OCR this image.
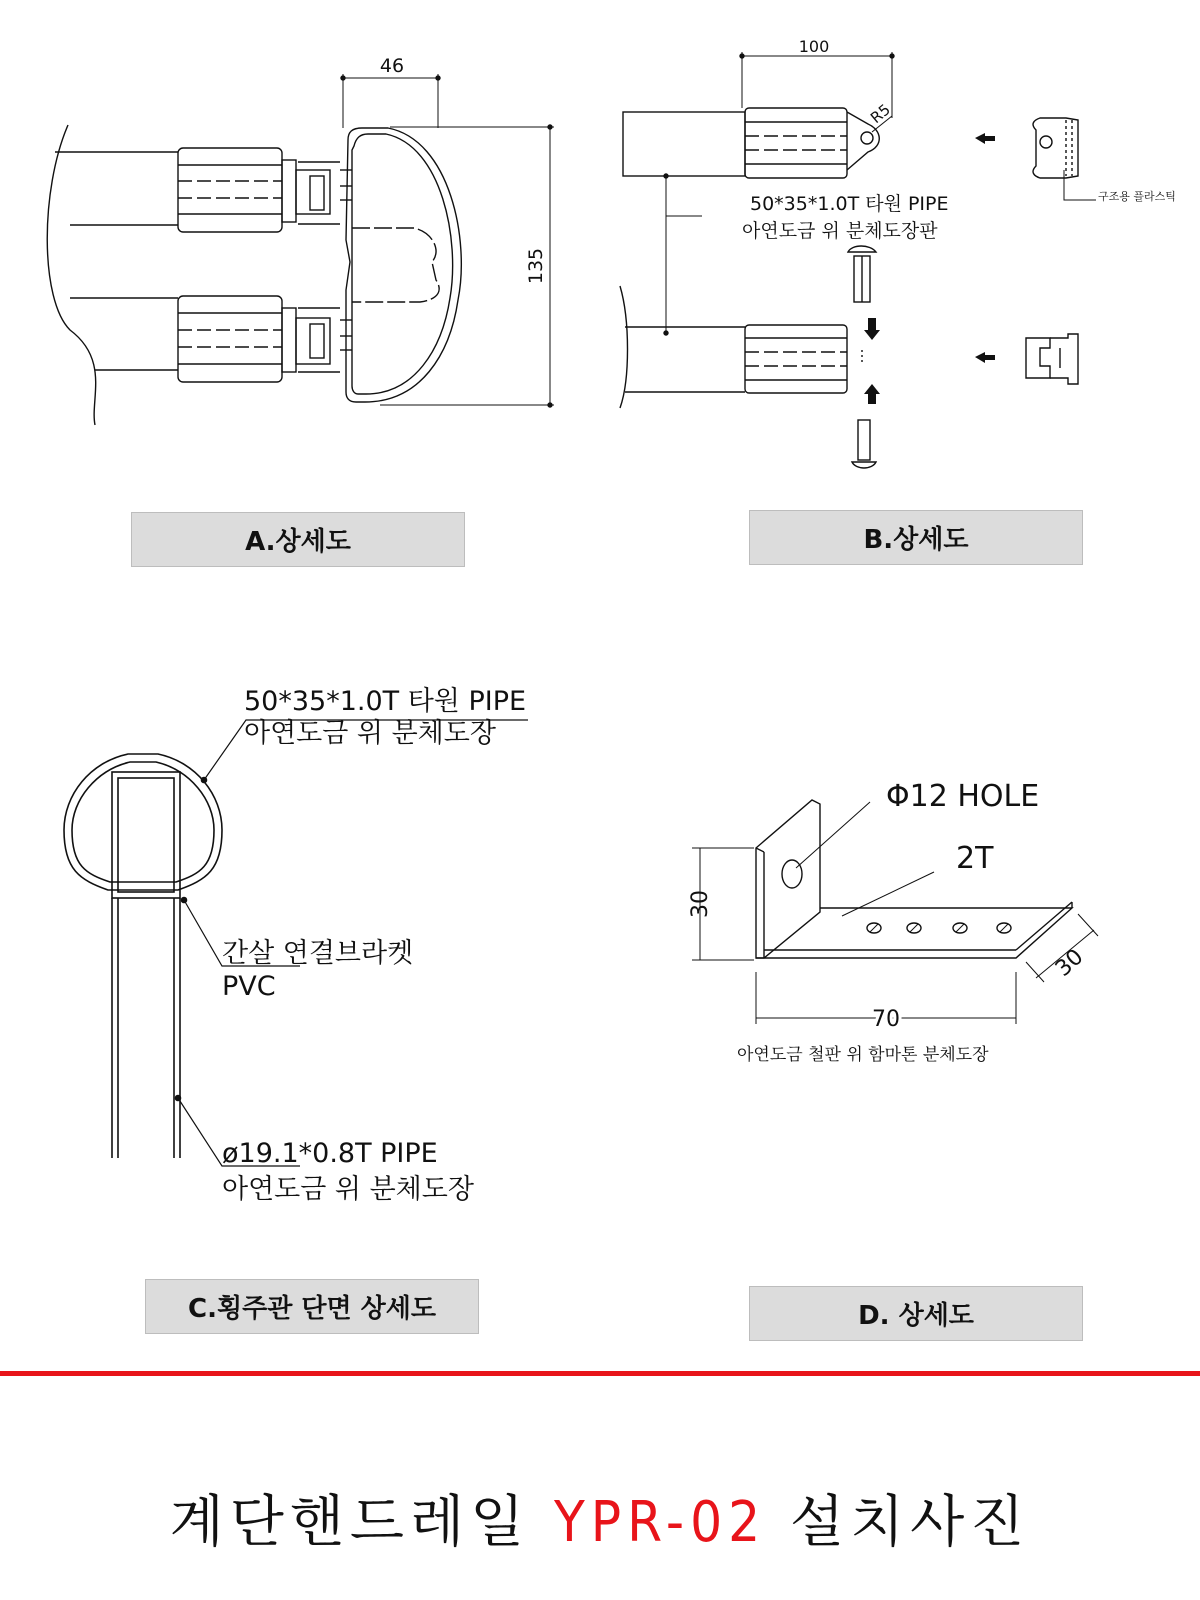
46
135
100
R5
50*35*1.0T 타원 PIPE
아연도금 위 분체도장판
구조용 플라스틱
50*35*1.0T 타원 PIPE
아연도금 위 분체도장
간살 연결브라켓
PVC
ø19.1*0.8T PIPE
아연도금 위 분체도장
Φ12 HOLE
2T
30
70
30
아연도금 철판 위 함마톤 분체도장
A.상세도	B.상세도
C.횡주관 단면 상세도	D. 상세도
계단핸드레일 YPR-02 설치사진
